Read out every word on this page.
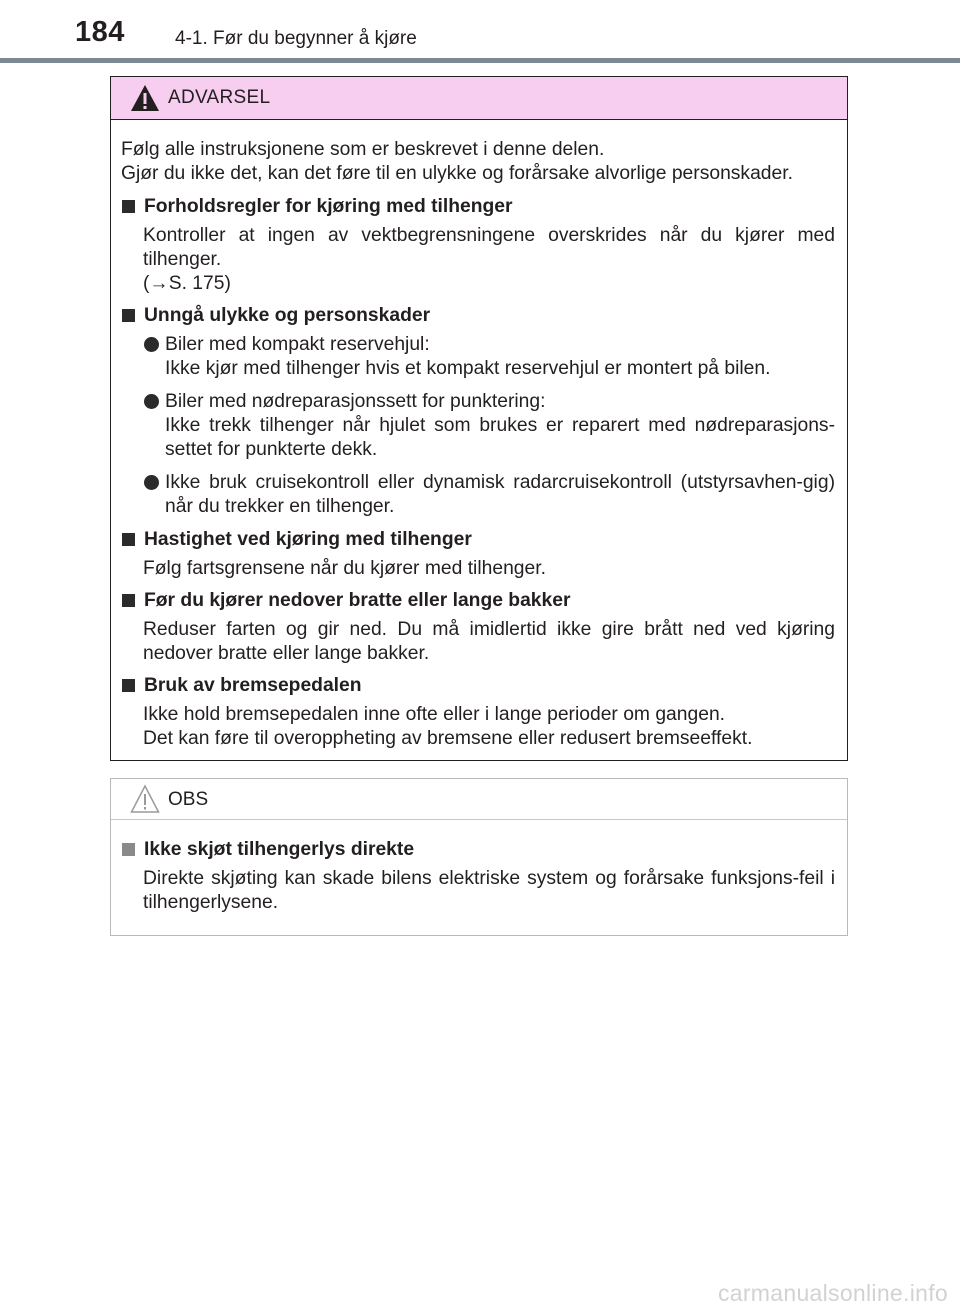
184	4-1. Før du begynner å kjøre
ADVARSEL
Følg alle instruksjonene som er beskrevet i denne delen.
Gjør du ikke det, kan det føre til en ulykke og forårsake alvorlige personskader.
Forholdsregler for kjøring med tilhenger
Kontroller at ingen av vektbegrensningene overskrides når du kjører med tilhenger.
(→S. 175)
Unngå ulykke og personskader
Biler med kompakt reservehjul:
Ikke kjør med tilhenger hvis et kompakt reservehjul er montert på bilen.
Biler med nødreparasjonssett for punktering:
Ikke trekk tilhenger når hjulet som brukes er reparert med nødreparasjons-settet for punkterte dekk.
Ikke bruk cruisekontroll eller dynamisk radarcruisekontroll (utstyrsavhen-gig) når du trekker en tilhenger.
Hastighet ved kjøring med tilhenger
Følg fartsgrensene når du kjører med tilhenger.
Før du kjører nedover bratte eller lange bakker
Reduser farten og gir ned. Du må imidlertid ikke gire brått ned ved kjøring nedover bratte eller lange bakker.
Bruk av bremsepedalen
Ikke hold bremsepedalen inne ofte eller i lange perioder om gangen.
Det kan føre til overoppheting av bremsene eller redusert bremseeffekt.
OBS
Ikke skjøt tilhengerlys direkte
Direkte skjøting kan skade bilens elektriske system og forårsake funksjons-feil i tilhengerlysene.
carmanualsonline.info
